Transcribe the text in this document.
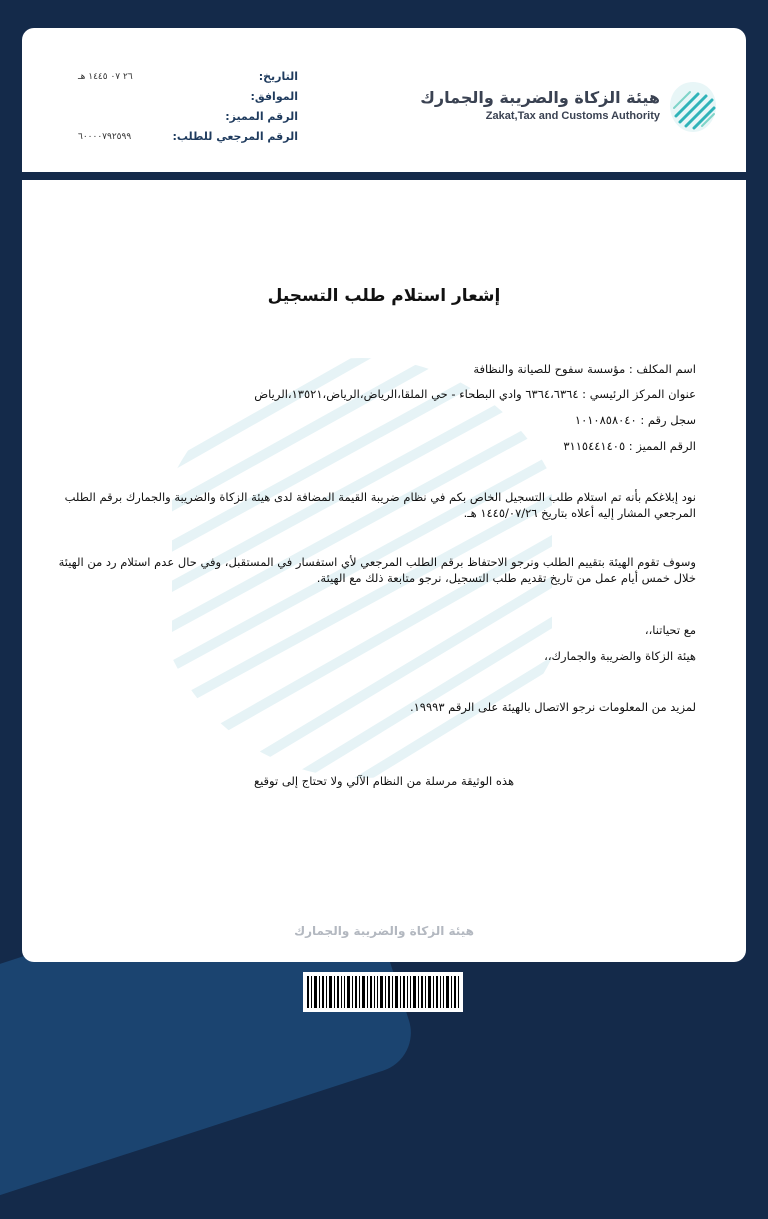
التاريخ:
٢٦ ٠٧ ١٤٤٥ هـ
الموافق:
الرقم المميز:
الرقم المرجعي للطلب:
٦٠٠٠٠٧٩٢٥٩٩
هيئة الزكاة والضريبة والجمارك
Zakat,Tax and Customs Authority
إشعار استلام طلب التسجيل
اسم المكلف : مؤسسة سفوح للصيانة والنظافة
عنوان المركز الرئيسي : ٦٣٦٤،٦٣٦٤ وادي البطحاء - حي الملقا،الرياض،الرياض،١٣٥٢١،الرياض
سجل رقم : ١٠١٠٨٥٨٠٤٠
الرقم المميز : ٣١١٥٤٤١٤٠٥
نود إبلاغكم بأنه تم استلام طلب التسجيل الخاص بكم في نظام ضريبة القيمة المضافة لدى هيئة الزكاة والضريبة والجمارك برقم الطلب المرجعي المشار إليه أعلاه بتاريخ ١٤٤٥/٠٧/٢٦ هـ.
وسوف تقوم الهيئة بتقييم الطلب ونرجو الاحتفاظ برقم الطلب المرجعي لأي استفسار في المستقبل، وفي حال عدم استلام رد من الهيئة خلال خمس أيام عمل من تاريخ تقديم طلب التسجيل، نرجو متابعة ذلك مع الهيئة.
مع تحياتنا،،
هيئة الزكاة والضريبة والجمارك،،
لمزيد من المعلومات نرجو الاتصال بالهيئة على الرقم ١٩٩٩٣.
هذه الوثيقة مرسلة من النظام الآلي ولا تحتاج إلى توقيع
هيئة الزكاة والضريبة والجمارك
